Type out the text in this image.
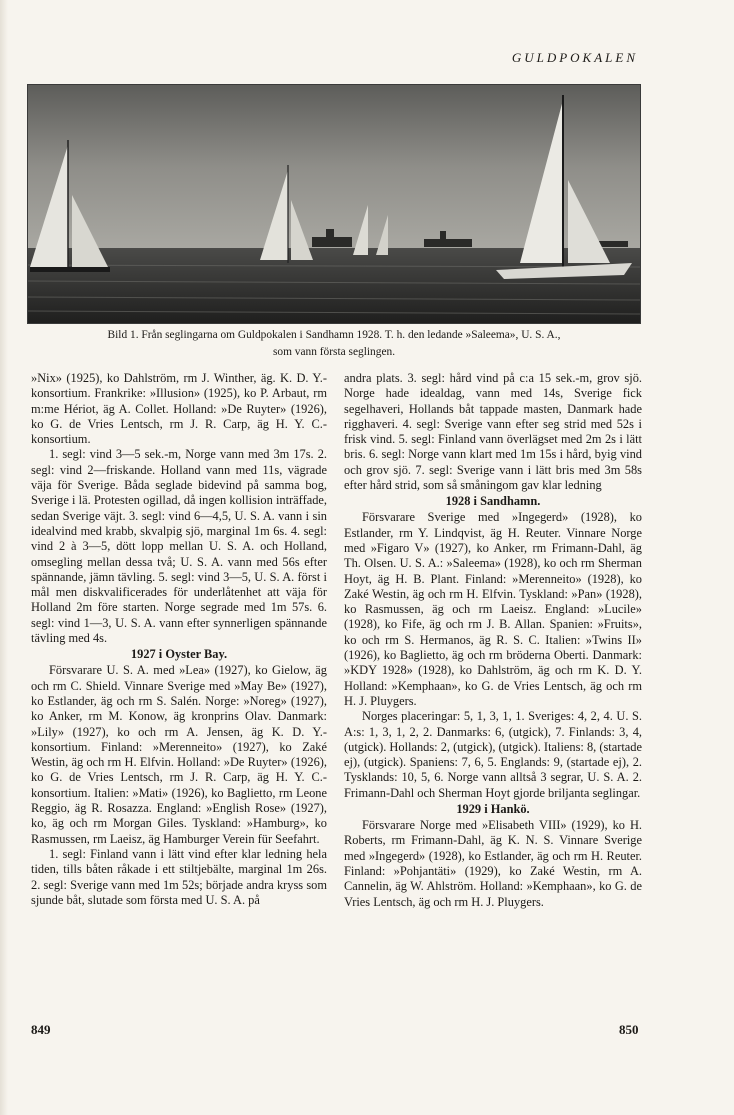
GULDPOKALEN
Bild 1. Från seglingarna om Guldpokalen i Sandhamn 1928. T. h. den ledande »Saleema», U. S. A.,
som vann första seglingen.

»Nix» (1925), ko Dahlström, rm J. Winther, äg. K. D. Y.-konsortium. Frankrike: »Illusion» (1925), ko P. Arbaut, rm m:me Hériot, äg A. Collet. Holland: »De Ruyter» (1926), ko G. de Vries Lentsch, rm J. R. Carp, äg H. Y. C.-konsortium.

1. segl: vind 3—5 sek.-m, Norge vann med 3m 17s. 2. segl: vind 2—friskande. Holland vann med 11s, vägrade väja för Sverige. Båda seglade bidevind på samma bog, Sverige i lä. Protesten ogillad, då ingen kollision inträffade, sedan Sverige väjt. 3. segl: vind 6—4,5, U. S. A. vann i sin idealvind med krabb, skvalpig sjö, marginal 1m 6s. 4. segl: vind 2 à 3—5, dött lopp mellan U. S. A. och Holland, omsegling mellan dessa två; U. S. A. vann med 56s efter spännande, jämn tävling. 5. segl: vind 3—5, U. S. A. först i mål men diskvalificerades för underlåtenhet att väja för Holland 2m före starten. Norge segrade med 1m 57s. 6. segl: vind 1—3, U. S. A. vann efter synnerligen spännande tävling med 4s.

1927 i Oyster Bay.

Försvarare U. S. A. med »Lea» (1927), ko Gielow, äg och rm C. Shield. Vinnare Sverige med »May Be» (1927), ko Estlander, äg och rm S. Salén. Norge: »Noreg» (1927), ko Anker, rm M. Konow, äg kronprins Olav. Danmark: »Lily» (1927), ko och rm A. Jensen, äg K. D. Y.-konsortium. Finland: »Merenneito» (1927), ko Zaké Westin, äg och rm H. Elfvin. Holland: »De Ruyter» (1926), ko G. de Vries Lentsch, rm J. R. Carp, äg H. Y. C.-konsortium. Italien: »Mati» (1926), ko Baglietto, rm Leone Reggio, äg R. Rosazza. England: »English Rose» (1927), ko, äg och rm Morgan Giles. Tyskland: »Hamburg», ko Rasmussen, rm Laeisz, äg Hamburger Verein für Seefahrt.

1. segl: Finland vann i lätt vind efter klar ledning hela tiden, tills båten råkade i ett stiltjebälte, marginal 1m 26s. 2. segl: Sverige vann med 1m 52s; började andra kryss som sjunde båt, slutade som första med U. S. A. på

andra plats. 3. segl: hård vind på c:a 15 sek.-m, grov sjö. Norge hade idealdag, vann med 14s, Sverige fick segelhaveri, Hollands båt tappade masten, Danmark hade rigghaveri. 4. segl: Sverige vann efter seg strid med 52s i frisk vind. 5. segl: Finland vann överlägset med 2m 2s i lätt bris. 6. segl: Norge vann klart med 1m 15s i hård, byig vind och grov sjö. 7. segl: Sverige vann i lätt bris med 3m 58s efter hård strid, som så småningom gav klar ledning

1928 i Sandhamn.

Försvarare Sverige med »Ingegerd» (1928), ko Estlander, rm Y. Lindqvist, äg H. Reuter. Vinnare Norge med »Figaro V» (1927), ko Anker, rm Frimann-Dahl, äg Th. Olsen. U. S. A.: »Saleema» (1928), ko och rm Sherman Hoyt, äg H. B. Plant. Finland: »Merenneito» (1928), ko Zaké Westin, äg och rm H. Elfvin. Tyskland: »Pan» (1928), ko Rasmussen, äg och rm Laeisz. England: »Lucile» (1928), ko Fife, äg och rm J. B. Allan. Spanien: »Fruits», ko och rm S. Hermanos, äg R. S. C. Italien: »Twins II» (1926), ko Baglietto, äg och rm bröderna Oberti. Danmark: »KDY 1928» (1928), ko Dahlström, äg och rm K. D. Y. Holland: »Kemphaan», ko G. de Vries Lentsch, äg och rm H. J. Pluygers.

Norges placeringar: 5, 1, 3, 1, 1. Sveriges: 4, 2, 4. U. S. A:s: 1, 3, 1, 2, 2. Danmarks: 6, (utgick), 7. Finlands: 3, 4, (utgick). Hollands: 2, (utgick), (utgick). Italiens: 8, (startade ej), (utgick). Spaniens: 7, 6, 5. Englands: 9, (startade ej), 2. Tysklands: 10, 5, 6. Norge vann alltså 3 segrar, U. S. A. 2. Frimann-Dahl och Sherman Hoyt gjorde briljanta seglingar.

1929 i Hankö.

Försvarare Norge med »Elisabeth VIII» (1929), ko H. Roberts, rm Frimann-Dahl, äg K. N. S. Vinnare Sverige med »Ingegerd» (1928), ko Estlander, äg och rm H. Reuter. Finland: »Pohjantäti» (1929), ko Zaké Westin, rm A. Cannelin, äg W. Ahlström. Holland: »Kemphaan», ko G. de Vries Lentsch, äg och rm H. J. Pluygers.

849	850
